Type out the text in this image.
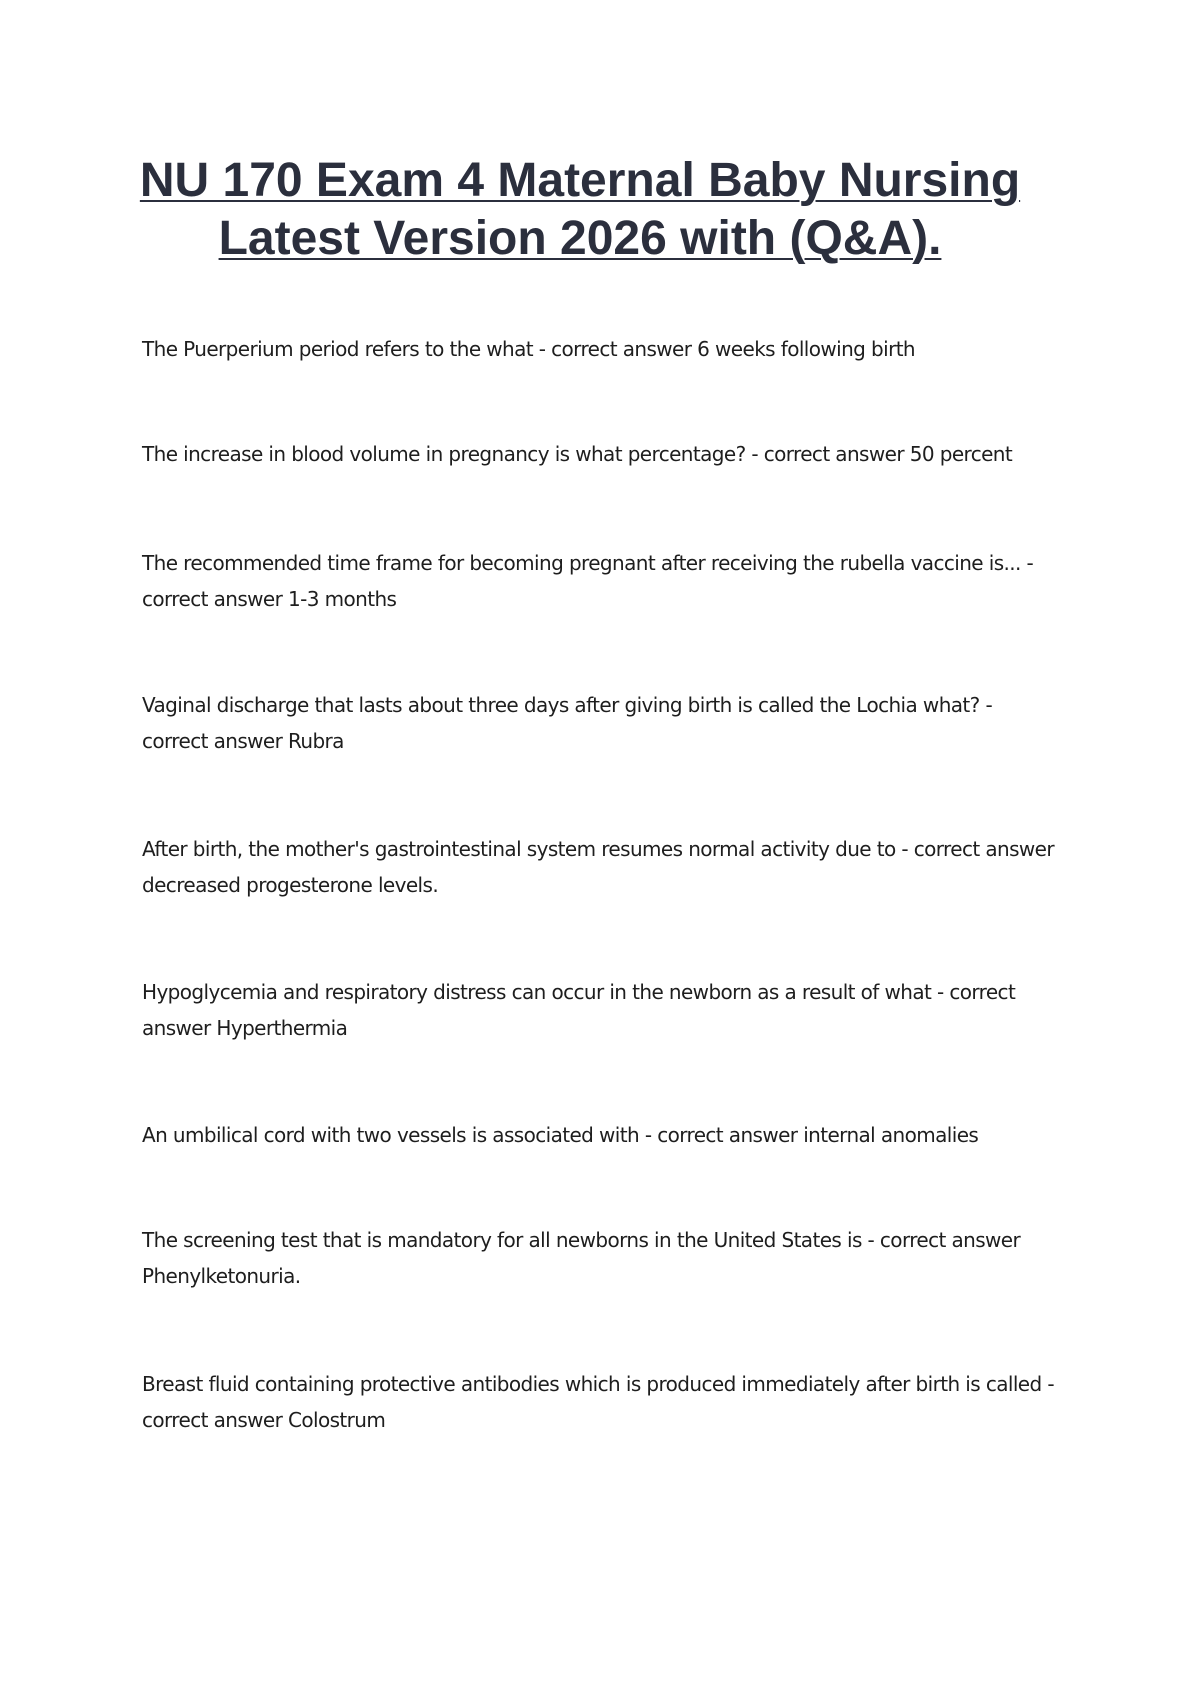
NU 170 Exam 4 Maternal Baby Nursing
Latest Version 2026 with (Q&A).

The Puerperium period refers to the what - correct answer 6 weeks following birth

The increase in blood volume in pregnancy is what percentage? - correct answer 50 percent

The recommended time frame for becoming pregnant after receiving the rubella vaccine is... - correct answer 1-3 months

Vaginal discharge that lasts about three days after giving birth is called the Lochia what? - correct answer Rubra

After birth, the mother's gastrointestinal system resumes normal activity due to - correct answer decreased progesterone levels.

Hypoglycemia and respiratory distress can occur in the newborn as a result of what - correct answer Hyperthermia

An umbilical cord with two vessels is associated with - correct answer internal anomalies

The screening test that is mandatory for all newborns in the United States is - correct answer Phenylketonuria.

Breast fluid containing protective antibodies which is produced immediately after birth is called - correct answer Colostrum
